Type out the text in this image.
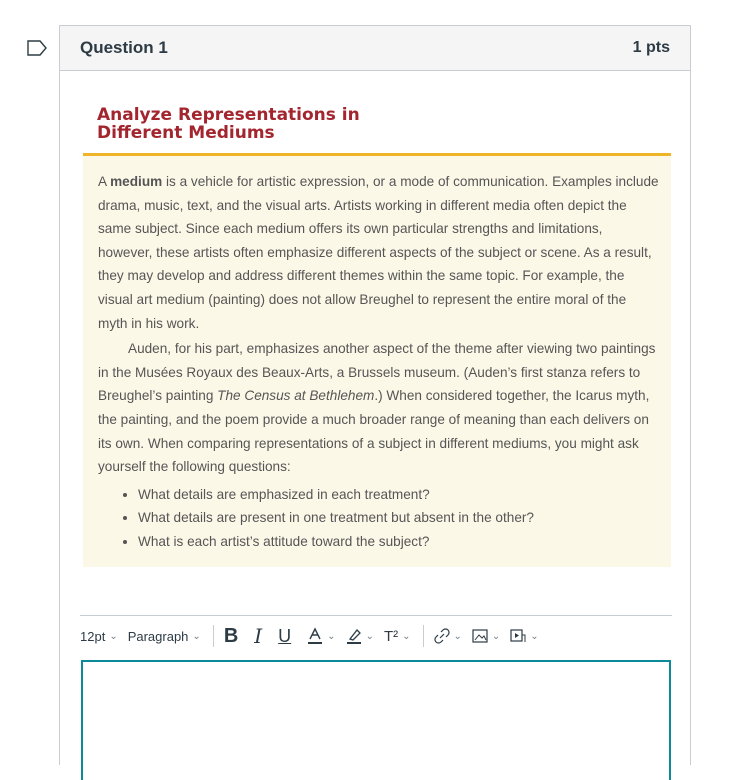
Question 1	1 pts
Analyze Representations in
Different Mediums

A medium is a vehicle for artistic expression, or a mode of communication. Examples include drama, music, text, and the visual arts. Artists working in different media often depict the same subject. Since each medium offers its own particular strengths and limitations, however, these artists often emphasize different aspects of the subject or scene. As a result, they may develop and address different themes within the same topic. For example, the visual art medium (painting) does not allow Breughel to represent the entire moral of the myth in his work.

Auden, for his part, emphasizes another aspect of the theme after viewing two paintings in the Musées Royaux des Beaux-Arts, a Brussels museum. (Auden’s first stanza refers to Breughel’s painting The Census at Bethlehem.) When considered together, the Icarus myth, the painting, and the poem provide a much broader range of meaning than each delivers on its own. When comparing representations of a subject in different mediums, you might ask yourself the following questions:

• What details are emphasized in each treatment?
• What details are present in one treatment but absent in the other?
• What is each artist’s attitude toward the subject?
12pt ⌄ Paragraph ⌄ B I U	⌄	⌄ T² ⌄	⌄	⌄	⌄
